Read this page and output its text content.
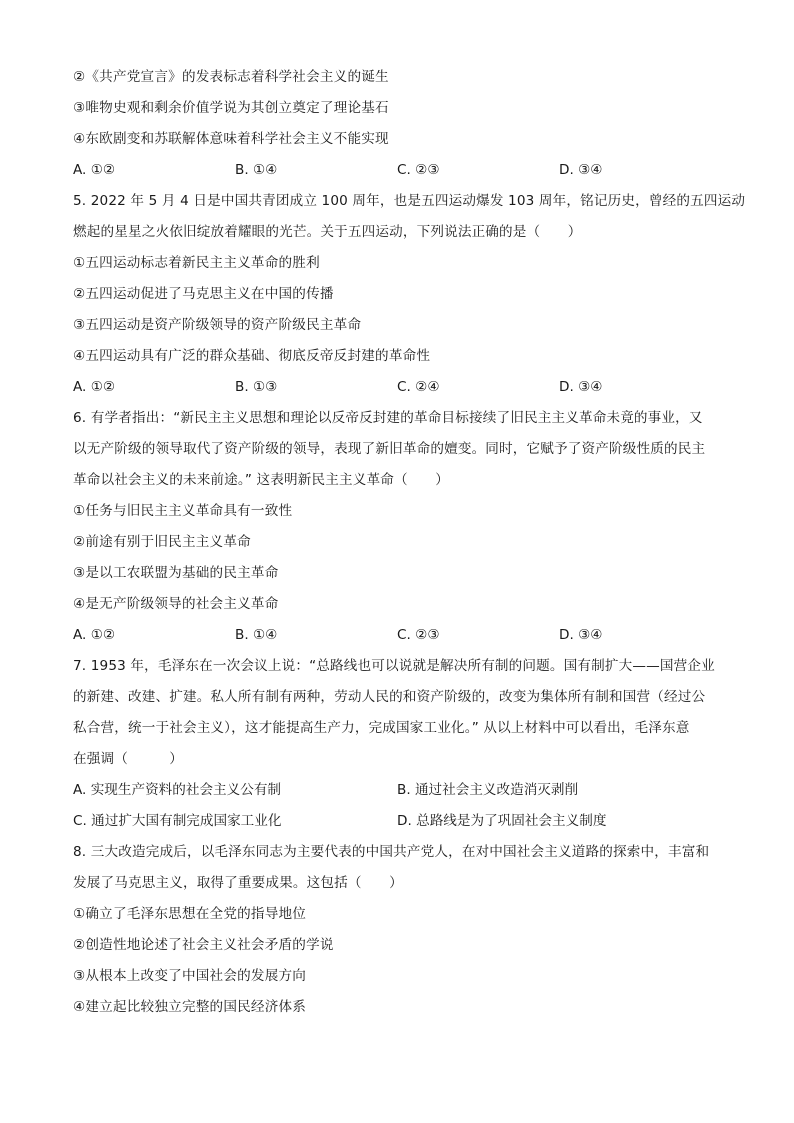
②《共产党宣言》的发表标志着科学社会主义的诞生
③唯物史观和剩余价值学说为其创立奠定了理论基石
④东欧剧变和苏联解体意味着科学社会主义不能实现
A. ①②	B. ①④	C. ②③	D. ③④
5. 2022 年 5 月 4 日是中国共青团成立 100 周年，也是五四运动爆发 103 周年，铭记历史，曾经的五四运动
燃起的星星之火依旧绽放着耀眼的光芒。关于五四运动，下列说法正确的是（　　）
①五四运动标志着新民主主义革命的胜利
②五四运动促进了马克思主义在中国的传播
③五四运动是资产阶级领导的资产阶级民主革命
④五四运动具有广泛的群众基础、彻底反帝反封建的革命性
A. ①②	B. ①③	C. ②④	D. ③④
6. 有学者指出：“新民主主义思想和理论以反帝反封建的革命目标接续了旧民主主义革命未竟的事业，又
以无产阶级的领导取代了资产阶级的领导，表现了新旧革命的嬗变。同时，它赋予了资产阶级性质的民主
革命以社会主义的未来前途。” 这表明新民主主义革命（　　）
①任务与旧民主主义革命具有一致性
②前途有别于旧民主主义革命
③是以工农联盟为基础的民主革命
④是无产阶级领导的社会主义革命
A. ①②	B. ①④	C. ②③	D. ③④
7. 1953 年，毛泽东在一次会议上说：“总路线也可以说就是解决所有制的问题。国有制扩大——国营企业
的新建、改建、扩建。私人所有制有两种，劳动人民的和资产阶级的，改变为集体所有制和国营（经过公
私合营，统一于社会主义），这才能提高生产力，完成国家工业化。” 从以上材料中可以看出，毛泽东意
在强调（　　　）
A. 实现生产资料的社会主义公有制	B. 通过社会主义改造消灭剥削
C. 通过扩大国有制完成国家工业化	D. 总路线是为了巩固社会主义制度
8. 三大改造完成后，以毛泽东同志为主要代表的中国共产党人，在对中国社会主义道路的探索中，丰富和
发展了马克思主义，取得了重要成果。这包括（　　）
①确立了毛泽东思想在全党的指导地位
②创造性地论述了社会主义社会矛盾的学说
③从根本上改变了中国社会的发展方向
④建立起比较独立完整的国民经济体系
